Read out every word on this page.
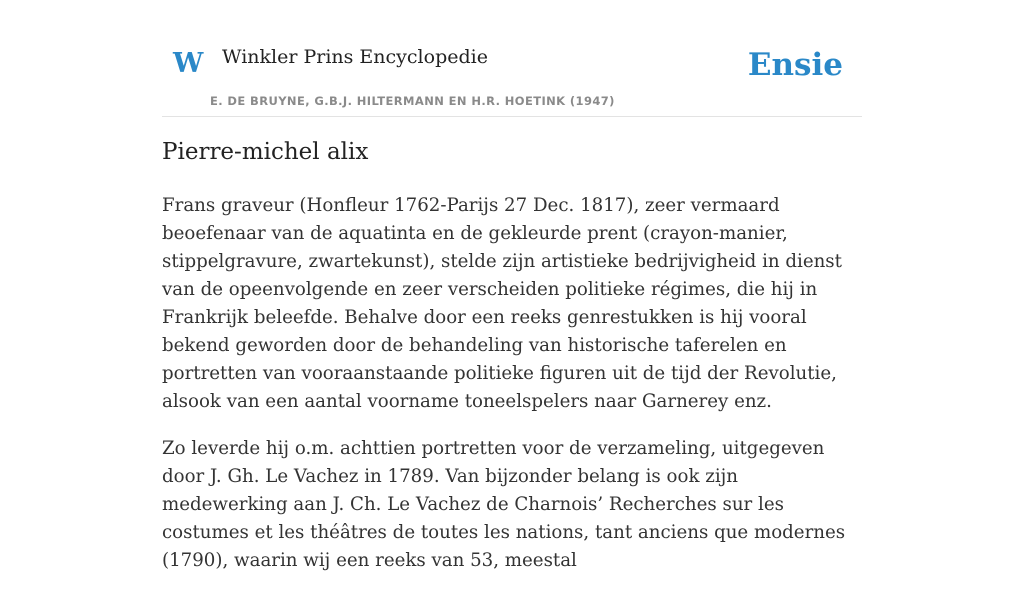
W Winkler Prins Encyclopedie
E. DE BRUYNE, G.B.J. HILTERMANN EN H.R. HOETINK (1947)
Ensie
Pierre-michel alix

Frans graveur (Honfleur 1762-Parijs 27 Dec. 1817), zeer vermaard beoefenaar van de aquatinta en de gekleurde prent (crayon-manier, stippelgravure, zwartekunst), stelde zijn artistieke bedrijvigheid in dienst van de opeenvolgende en zeer verscheiden politieke régimes, die hij in Frankrijk beleefde. Behalve door een reeks genrestukken is hij vooral bekend geworden door de behandeling van historische taferelen en portretten van vooraanstaande politieke figuren uit de tijd der Revolutie, alsook van een aantal voorname toneelspelers naar Garnerey enz.

Zo leverde hij o.m. achttien portretten voor de verzameling, uitgegeven door J. Gh. Le Vachez in 1789. Van bijzonder belang is ook zijn medewerking aan J. Ch. Le Vachez de Charnois’ Recherches sur les costumes et les théâtres de toutes les nations, tant anciens que modernes (1790), waarin wij een reeks van 53, meestal
